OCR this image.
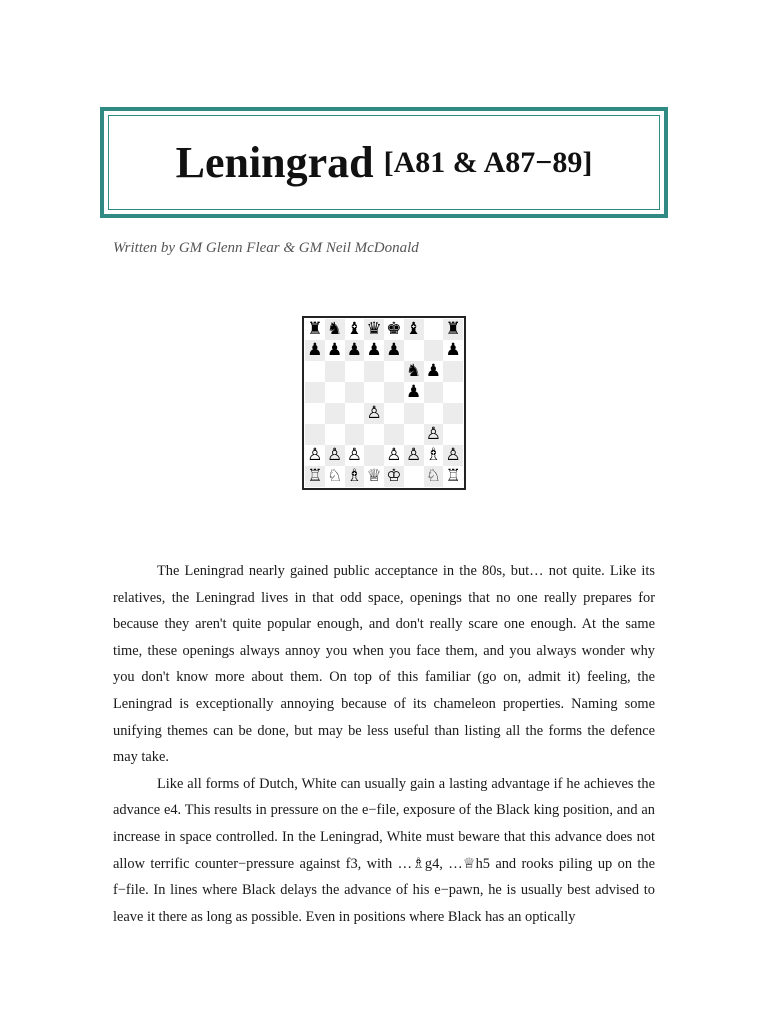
Leningrad [A81 & A87−89]
Written by GM Glenn Flear & GM Neil McDonald
♜ ♞ ♝ ♛ ♚ ♝ ♜
♟ ♟ ♟ ♟ ♟	♟
♞ ♟
♟
♙
♙
♙ ♙ ♙ ♙ ♙ ♗ ♙
♖ ♘ ♗ ♕ ♔ ♘ ♖

The Leningrad nearly gained public acceptance in the 80s, but… not quite. Like its relatives, the Leningrad lives in that odd space, openings that no one really prepares for because they aren't quite popular enough, and don't really scare one enough. At the same time, these openings always annoy you when you face them, and you always wonder why you don't know more about them. On top of this familiar (go on, admit it) feeling, the Leningrad is exceptionally annoying because of its chameleon properties. Naming some unifying themes can be done, but may be less useful than listing all the forms the defence may take.

Like all forms of Dutch, White can usually gain a lasting advantage if he achieves the advance e4. This results in pressure on the e−file, exposure of the Black king position, and an increase in space controlled. In the Leningrad, White must beware that this advance does not allow terrific counter−pressure against f3, with …♗g4, …♕h5 and rooks piling up on the f−file. In lines where Black delays the advance of his e−pawn, he is usually best advised to leave it there as long as possible. Even in positions where Black has an optically
